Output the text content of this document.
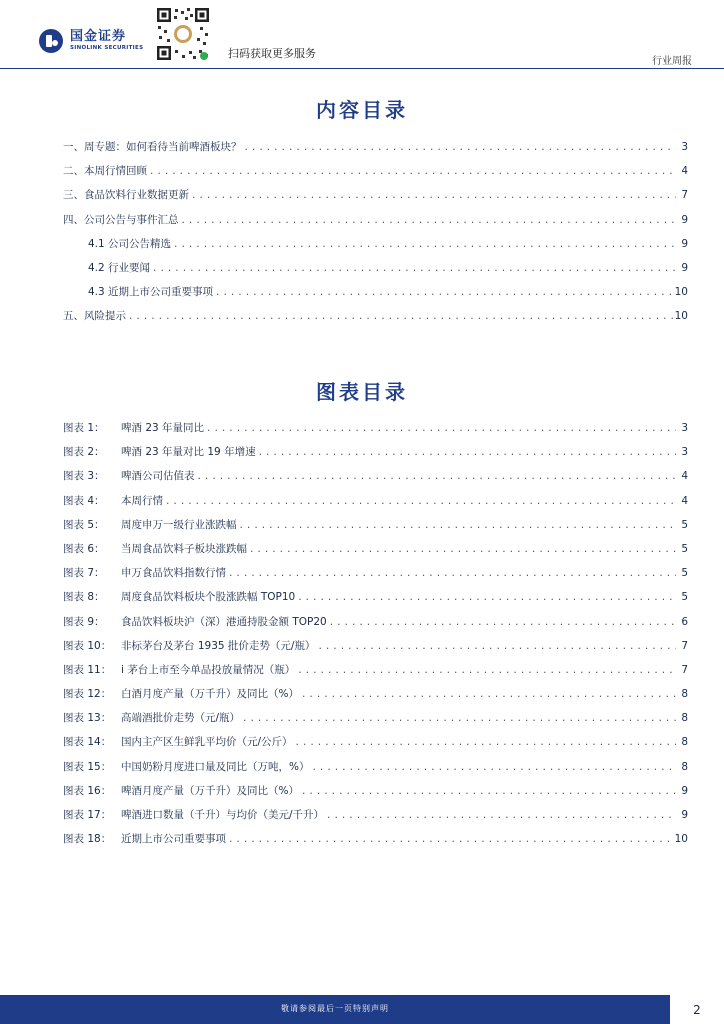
国金证券
SINOLINK SECURITIES	扫码获取更多服务
行业周报
内容目录
一、周专题：如何看待当前啤酒板块？ .....	3
二、本周行情回顾 .....	4
三、食品饮料行业数据更新 .....	7
四、公司公告与事件汇总 .....	9
4.1 公司公告精选 .....	9
4.2 行业要闻 .....	9
4.3 近期上市公司重要事项 .....	10
五、风险提示 .....	10
图表目录
图表 1： 啤酒 23 年量同比 .....	3
图表 2： 啤酒 23 年量对比 19 年增速 .....	3
图表 3： 啤酒公司估值表 .....	4
图表 4： 本周行情 .....	4
图表 5： 周度申万一级行业涨跌幅 .....	5
图表 6： 当周食品饮料子板块涨跌幅 .....	5
图表 7： 申万食品饮料指数行情 .....	5
图表 8： 周度食品饮料板块个股涨跌幅 TOP10 .....	5
图表 9： 食品饮料板块沪（深）港通持股金额 TOP20 .....	6
图表 10： 非标茅台及茅台 1935 批价走势（元/瓶） .....	7
图表 11： i 茅台上市至今单品投放量情况（瓶） .....	7
图表 12： 白酒月度产量（万千升）及同比（%） .....	8
图表 13： 高端酒批价走势（元/瓶） .....	8
图表 14： 国内主产区生鲜乳平均价（元/公斤） .....	8
图表 15： 中国奶粉月度进口量及同比（万吨，%） .....	8
图表 16： 啤酒月度产量（万千升）及同比（%） .....	9
图表 17： 啤酒进口数量（千升）与均价（美元/千升） .....	9
图表 18： 近期上市公司重要事项 .....	10
敬请参阅最后一页特别声明	2
